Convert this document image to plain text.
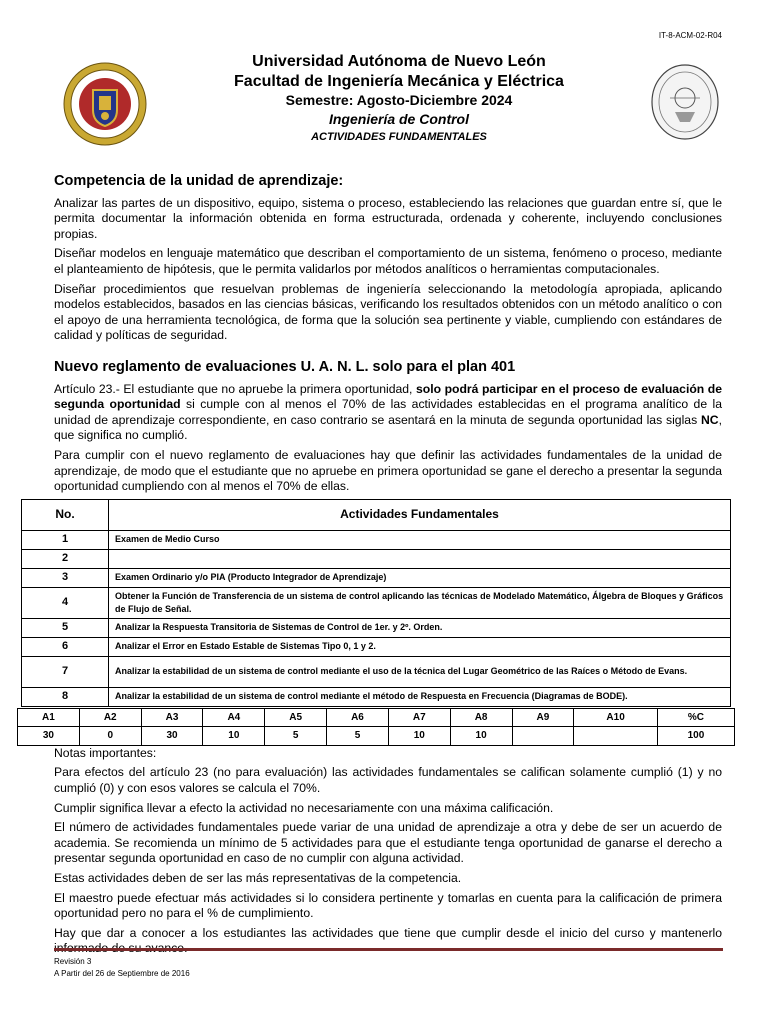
IT-8-ACM-02-R04
Universidad Autónoma de Nuevo León
Facultad de Ingeniería Mecánica y Eléctrica
Semestre: Agosto-Diciembre 2024
Ingeniería de Control
ACTIVIDADES FUNDAMENTALES
Competencia de la unidad de aprendizaje:

Analizar las partes de un dispositivo, equipo, sistema o proceso, estableciendo las relaciones que guardan entre sí, que le permita documentar la información obtenida en forma estructurada, ordenada y coherente, incluyendo conclusiones propias.

Diseñar modelos en lenguaje matemático que describan el comportamiento de un sistema, fenómeno o proceso, mediante el planteamiento de hipótesis, que le permita validarlos por métodos analíticos o herramientas computacionales.

Diseñar procedimientos que resuelvan problemas de ingeniería seleccionando la metodología apropiada, aplicando modelos establecidos, basados en las ciencias básicas, verificando los resultados obtenidos con un método analítico o con el apoyo de una herramienta tecnológica, de forma que la solución sea pertinente y viable, cumpliendo con estándares de calidad y políticas de seguridad.

Nuevo reglamento de evaluaciones U. A. N. L. solo para el plan 401

Artículo 23.- El estudiante que no apruebe la primera oportunidad, solo podrá participar en el proceso de evaluación de segunda oportunidad si cumple con al menos el 70% de las actividades establecidas en el programa analítico de la unidad de aprendizaje correspondiente, en caso contrario se asentará en la minuta de segunda oportunidad las siglas NC, que significa no cumplió.

Para cumplir con el nuevo reglamento de evaluaciones hay que definir las actividades fundamentales de la unidad de aprendizaje, de modo que el estudiante que no apruebe en primera oportunidad se gane el derecho a presentar la segunda oportunidad cumpliendo con al menos el 70% de ellas.

No.	Actividades Fundamentales
1	Examen de Medio Curso
2	
3	Examen Ordinario y/o PIA (Producto Integrador de Aprendizaje)
4	Obtener la Función de Transferencia de un sistema de control aplicando las técnicas de Modelado Matemático, Álgebra de Bloques y Gráficos de Flujo de Señal.
5	Analizar la Respuesta Transitoria de Sistemas de Control de 1er. y 2º. Orden.
6	Analizar el Error en Estado Estable de Sistemas Tipo 0, 1 y 2.
7	Analizar la estabilidad de un sistema de control mediante el uso de la técnica del Lugar Geométrico de las Raíces o Método de Evans.
8	Analizar la estabilidad de un sistema de control mediante el método de Respuesta en Frecuencia (Diagramas de BODE).
A1	A2	A3	A4	A5	A6	A7	A8	A9	A10	%C
30	0	30	10	5	5	10	10			100

Notas importantes:

Para efectos del artículo 23 (no para evaluación) las actividades fundamentales se califican solamente cumplió (1) y no cumplió (0) y con esos valores se calcula el 70%.

Cumplir significa llevar a efecto la actividad no necesariamente con una máxima calificación.

El número de actividades fundamentales puede variar de una unidad de aprendizaje a otra y debe de ser un acuerdo de academia. Se recomienda un mínimo de 5 actividades para que el estudiante tenga oportunidad de ganarse el derecho a presentar segunda oportunidad en caso de no cumplir con alguna actividad.

Estas actividades deben de ser las más representativas de la competencia.

El maestro puede efectuar más actividades si lo considera pertinente y tomarlas en cuenta para la calificación de primera oportunidad pero no para el % de cumplimiento.

Hay que dar a conocer a los estudiantes las actividades que tiene que cumplir desde el inicio del curso y mantenerlo

Revisión 3
A Partir del 26 de Septiembre de 2016
